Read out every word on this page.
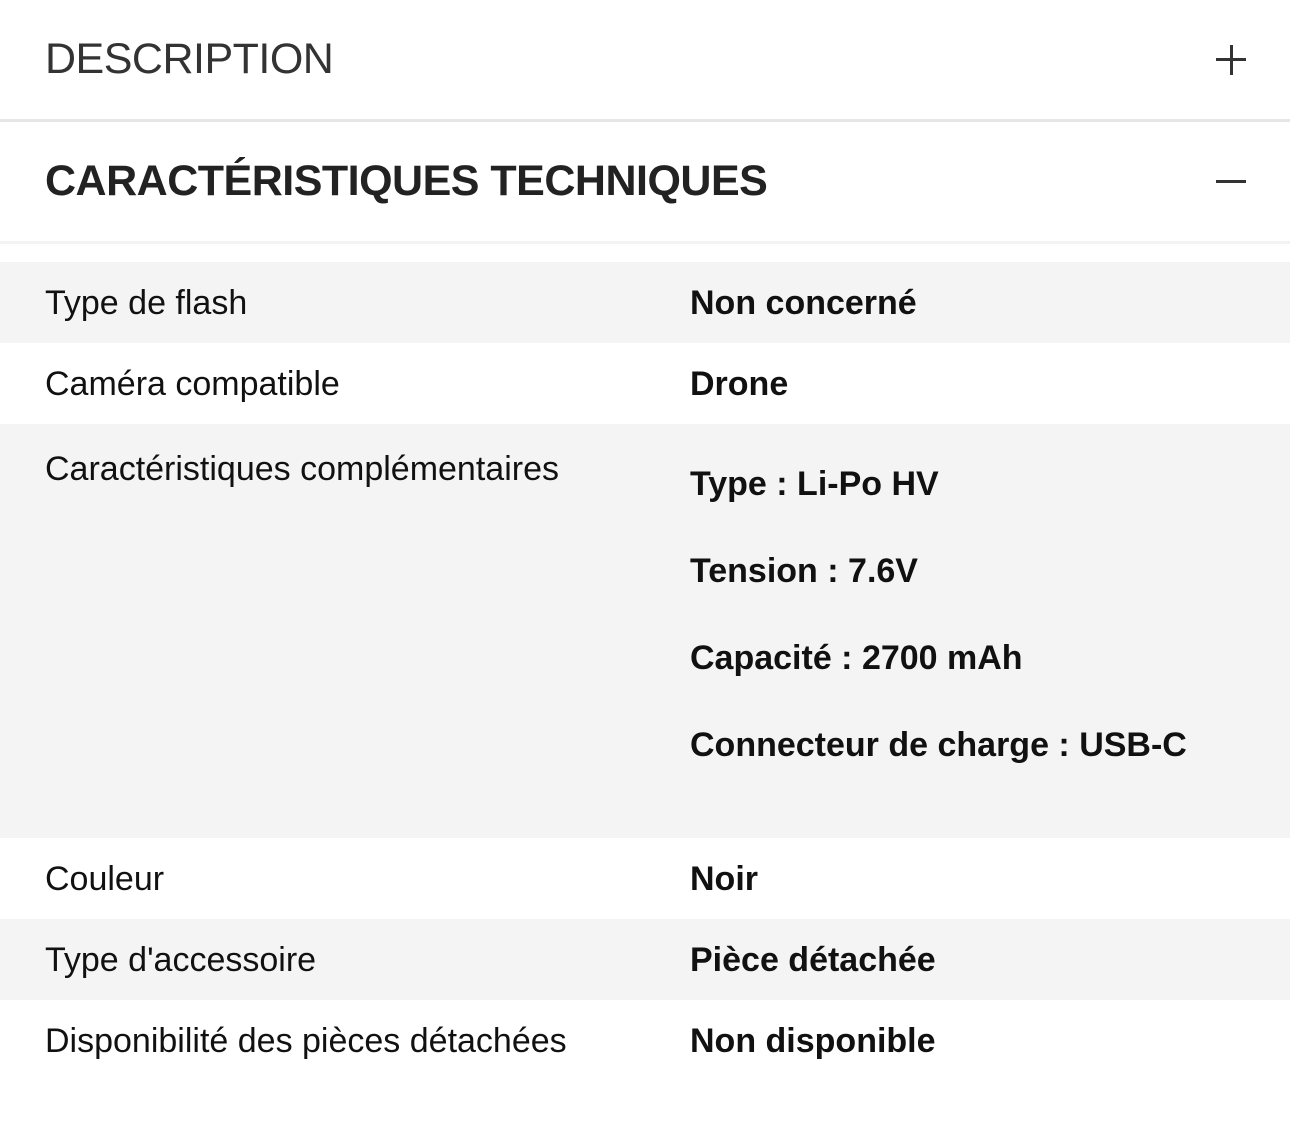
DESCRIPTION
CARACTÉRISTIQUES TECHNIQUES
Type de flash	Non concerné
Caméra compatible	Drone
Caractéristiques complémentaires	Type : Li-Po HV
Tension : 7.6V
Capacité : 2700 mAh
Connecteur de charge : USB-C
Couleur	Noir
Type d'accessoire	Pièce détachée
Disponibilité des pièces détachées	Non disponible
